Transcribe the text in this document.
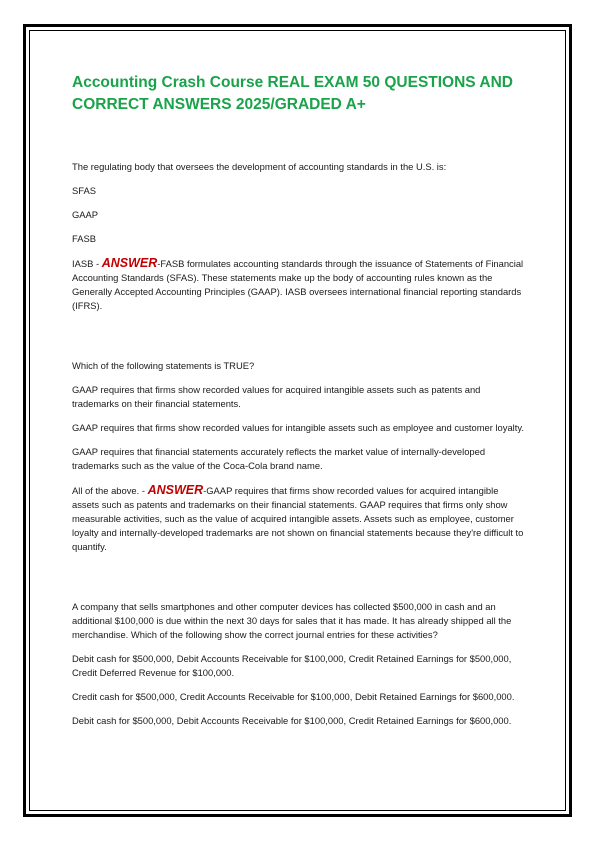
Accounting Crash Course REAL EXAM 50 QUESTIONS AND CORRECT ANSWERS 2025/GRADED A+

The regulating body that oversees the development of accounting standards in the U.S. is:

SFAS

GAAP

FASB

IASB - ANSWER-FASB formulates accounting standards through the issuance of Statements of Financial Accounting Standards (SFAS). These statements make up the body of accounting rules known as the Generally Accepted Accounting Principles (GAAP). IASB oversees international financial reporting standards (IFRS).

Which of the following statements is TRUE?

GAAP requires that firms show recorded values for acquired intangible assets such as patents and trademarks on their financial statements.

GAAP requires that firms show recorded values for intangible assets such as employee and customer loyalty.

GAAP requires that financial statements accurately reflects the market value of internally-developed trademarks such as the value of the Coca-Cola brand name.

All of the above. - ANSWER-GAAP requires that firms show recorded values for acquired intangible assets such as patents and trademarks on their financial statements. GAAP requires that firms only show measurable activities, such as the value of acquired intangible assets. Assets such as employee, customer loyalty and internally-developed trademarks are not shown on financial statements because they're difficult to quantify.

A company that sells smartphones and other computer devices has collected $500,000 in cash and an additional $100,000 is due within the next 30 days for sales that it has made. It has already shipped all the merchandise. Which of the following show the correct journal entries for these activities?

Debit cash for $500,000, Debit Accounts Receivable for $100,000, Credit Retained Earnings for $500,000, Credit Deferred Revenue for $100,000.

Credit cash for $500,000, Credit Accounts Receivable for $100,000, Debit Retained Earnings for $600,000.

Debit cash for $500,000, Debit Accounts Receivable for $100,000, Credit Retained Earnings for $600,000.
